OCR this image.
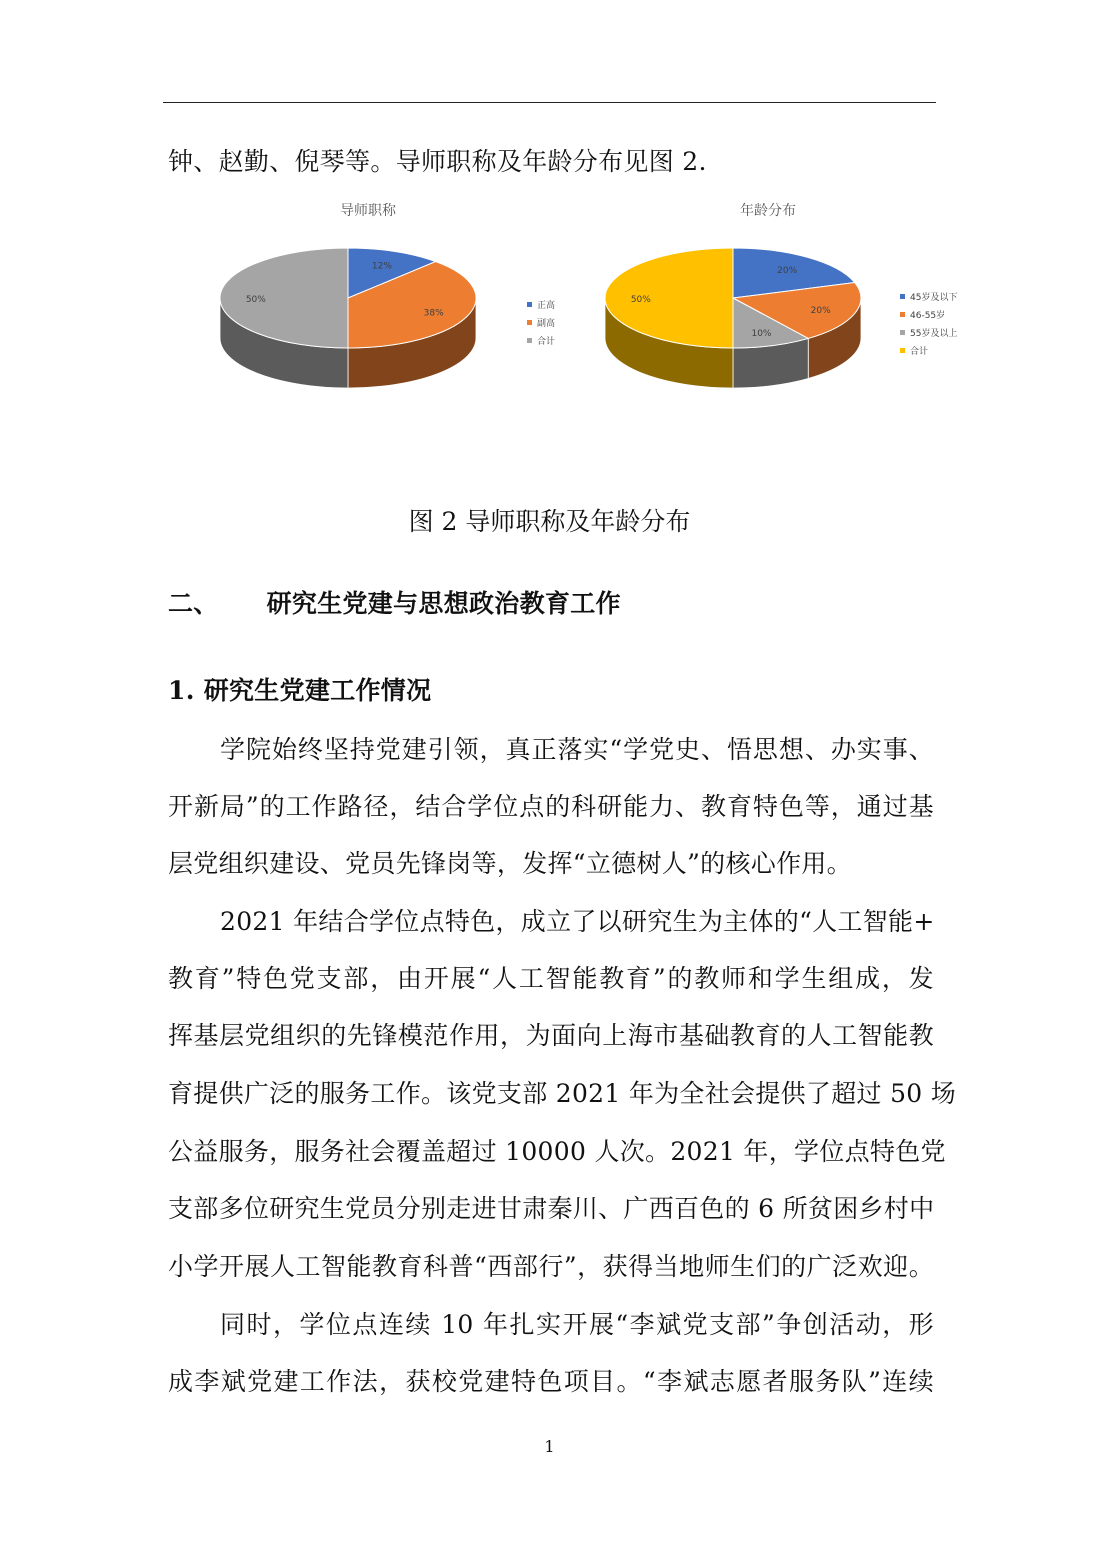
钟、赵勤、倪琴等。导师职称及年龄分布见图 2.
导师职称
12%
38%
50%
正高
副高
合计
年龄分布
20%
20%
10%
50%	45岁及以下
46-55岁
55岁及以上
合计
图 2 导师职称及年龄分布
二、 研究生党建与思想政治教育工作
1. 研究生党建工作情况
学院始终坚持党建引领，真正落实“学党史、悟思想、办实事、
开新局”的工作路径，结合学位点的科研能力、教育特色等，通过基
层党组织建设、党员先锋岗等，发挥“立德树人”的核心作用。
2021 年结合学位点特色，成立了以研究生为主体的“人工智能+
教育”特色党支部，由开展“人工智能教育”的教师和学生组成，发
挥基层党组织的先锋模范作用，为面向上海市基础教育的人工智能教
育提供广泛的服务工作。该党支部 2021 年为全社会提供了超过 50 场
公益服务，服务社会覆盖超过 10000 人次。2021 年，学位点特色党
支部多位研究生党员分别走进甘肃秦川、广西百色的 6 所贫困乡村中
小学开展人工智能教育科普“西部行”，获得当地师生们的广泛欢迎。
同时，学位点连续 10 年扎实开展“李斌党支部”争创活动，形
成李斌党建工作法，获校党建特色项目。“李斌志愿者服务队”连续
1
